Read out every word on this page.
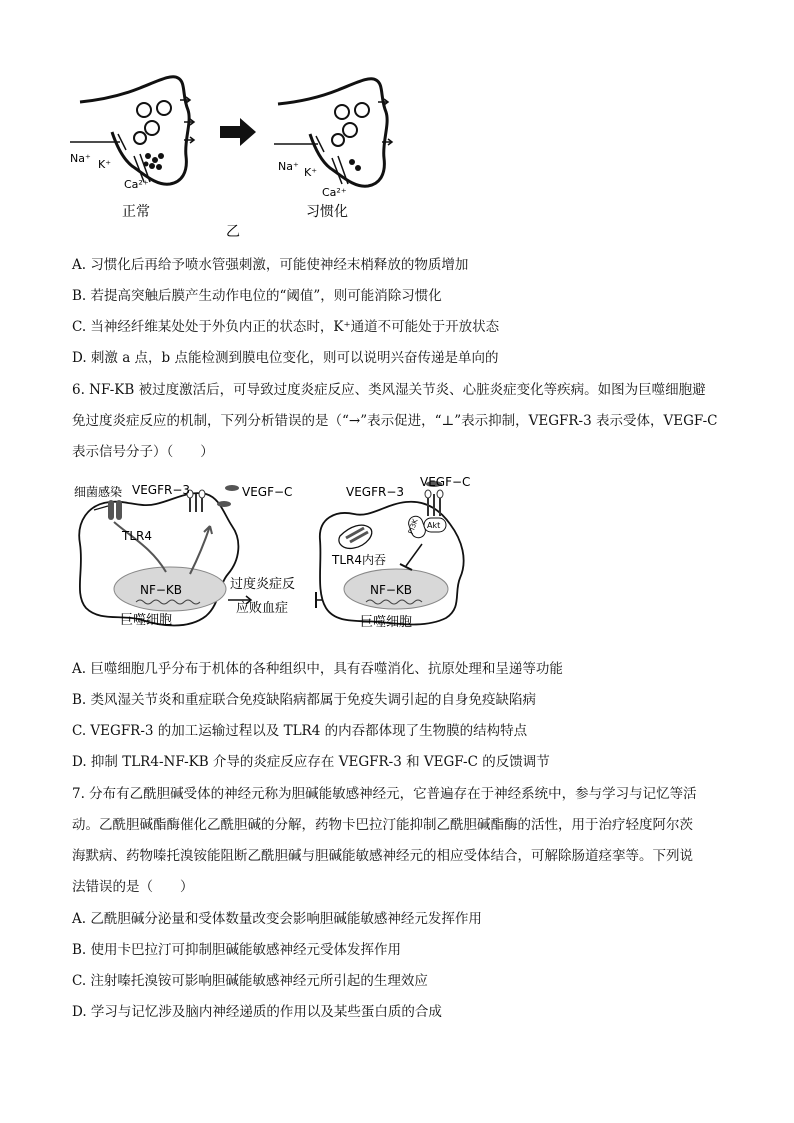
Na⁺ K⁺
Ca²⁺
正常
Na⁺ K⁺
Ca²⁺
习惯化
乙
A. 习惯化后再给予喷水管强刺激，可能使神经末梢释放的物质增加
B. 若提高突触后膜产生动作电位的“阈值”，则可能消除习惯化
C. 当神经纤维某处处于外负内正的状态时，K⁺通道不可能处于开放状态
D. 刺激 a 点，b 点能检测到膜电位变化，则可以说明兴奋传递是单向的
6. NF-KB 被过度激活后，可导致过度炎症反应、类风湿关节炎、心脏炎症变化等疾病。如图为巨噬细胞避
免过度炎症反应的机制，下列分析错误的是（“→”表示促进，“⊥”表示抑制，VEGFR-3 表示受体，VEGF-C
表示信号分子）（　　）
NF−KB
细菌感染 VEGFR−3	VEGF−C
TLR4
巨噬细胞
过度炎症反
应败血症
NF−KB
PI3K Akt
VEGFR−3
VEGF−C
TLR4内吞
巨噬细胞
A. 巨噬细胞几乎分布于机体的各种组织中，具有吞噬消化、抗原处理和呈递等功能
B. 类风湿关节炎和重症联合免疫缺陷病都属于免疫失调引起的自身免疫缺陷病
C. VEGFR-3 的加工运输过程以及 TLR4 的内吞都体现了生物膜的结构特点
D. 抑制 TLR4-NF-KB 介导的炎症反应存在 VEGFR-3 和 VEGF-C 的反馈调节
7. 分布有乙酰胆碱受体的神经元称为胆碱能敏感神经元，它普遍存在于神经系统中，参与学习与记忆等活
动。乙酰胆碱酯酶催化乙酰胆碱的分解，药物卡巴拉汀能抑制乙酰胆碱酯酶的活性，用于治疗轻度阿尔茨
海默病、药物嗪托溴铵能阻断乙酰胆碱与胆碱能敏感神经元的相应受体结合，可解除肠道痉挛等。下列说
法错误的是（　　）
A. 乙酰胆碱分泌量和受体数量改变会影响胆碱能敏感神经元发挥作用
B. 使用卡巴拉汀可抑制胆碱能敏感神经元受体发挥作用
C. 注射嗪托溴铵可影响胆碱能敏感神经元所引起的生理效应
D. 学习与记忆涉及脑内神经递质的作用以及某些蛋白质的合成
